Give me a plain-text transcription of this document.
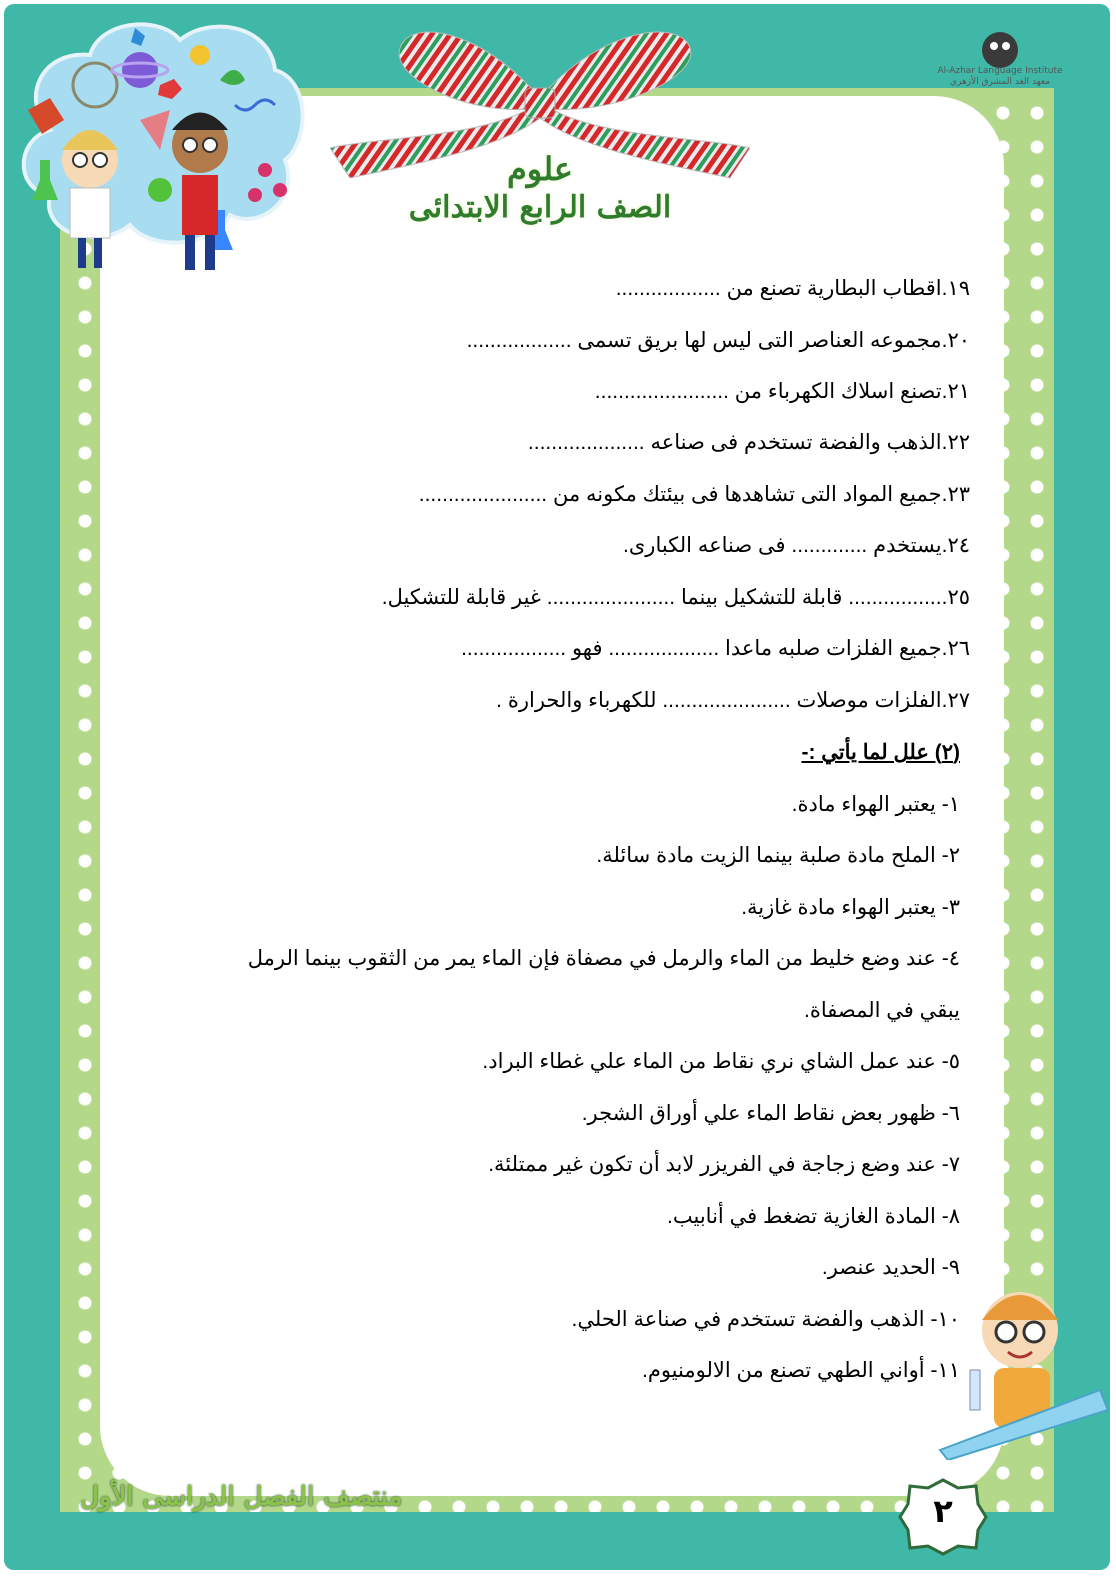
علوم
الصف الرابع الابتدائى
Al-Azhar Language Institute
معهد الغد المشرق الأزهري
١٩.اقطاب البطارية تصنع من ..................
٢٠.مجموعه العناصر التى ليس لها بريق تسمى ..................
٢١.تصنع اسلاك الكهرباء من .......................
٢٢.الذهب والفضة تستخدم فى صناعه ....................
٢٣.جميع المواد التى تشاهدها فى بيئتك مكونه من ......................
٢٤.يستخدم ............. فى صناعه الكبارى.
٢٥................. قابلة للتشكيل بينما ...................... غير قابلة للتشكيل.
٢٦.جميع الفلزات صلبه ماعدا ................... فهو ..................
٢٧.الفلزات موصلات ...................... للكهرباء والحرارة .
(٢) علل لما يأتي :-
١- يعتبر الهواء مادة.
٢- الملح مادة صلبة بينما الزيت مادة سائلة.
٣- يعتبر الهواء مادة غازية.
٤- عند وضع خليط من الماء والرمل في مصفاة فإن الماء يمر من الثقوب بينما الرمل
يبقي في المصفاة.
٥- عند عمل الشاي نري نقاط من الماء علي غطاء البراد.
٦- ظهور بعض نقاط الماء علي أوراق الشجر.
٧- عند وضع زجاجة في الفريزر لابد أن تكون غير ممتلئة.
٨- المادة الغازية تضغط في أنابيب.
٩- الحديد عنصر.
١٠- الذهب والفضة تستخدم في صناعة الحلي.
١١- أواني الطهي تصنع من الالومنيوم.
منتصف الفصل الدراسى الأول	٢
